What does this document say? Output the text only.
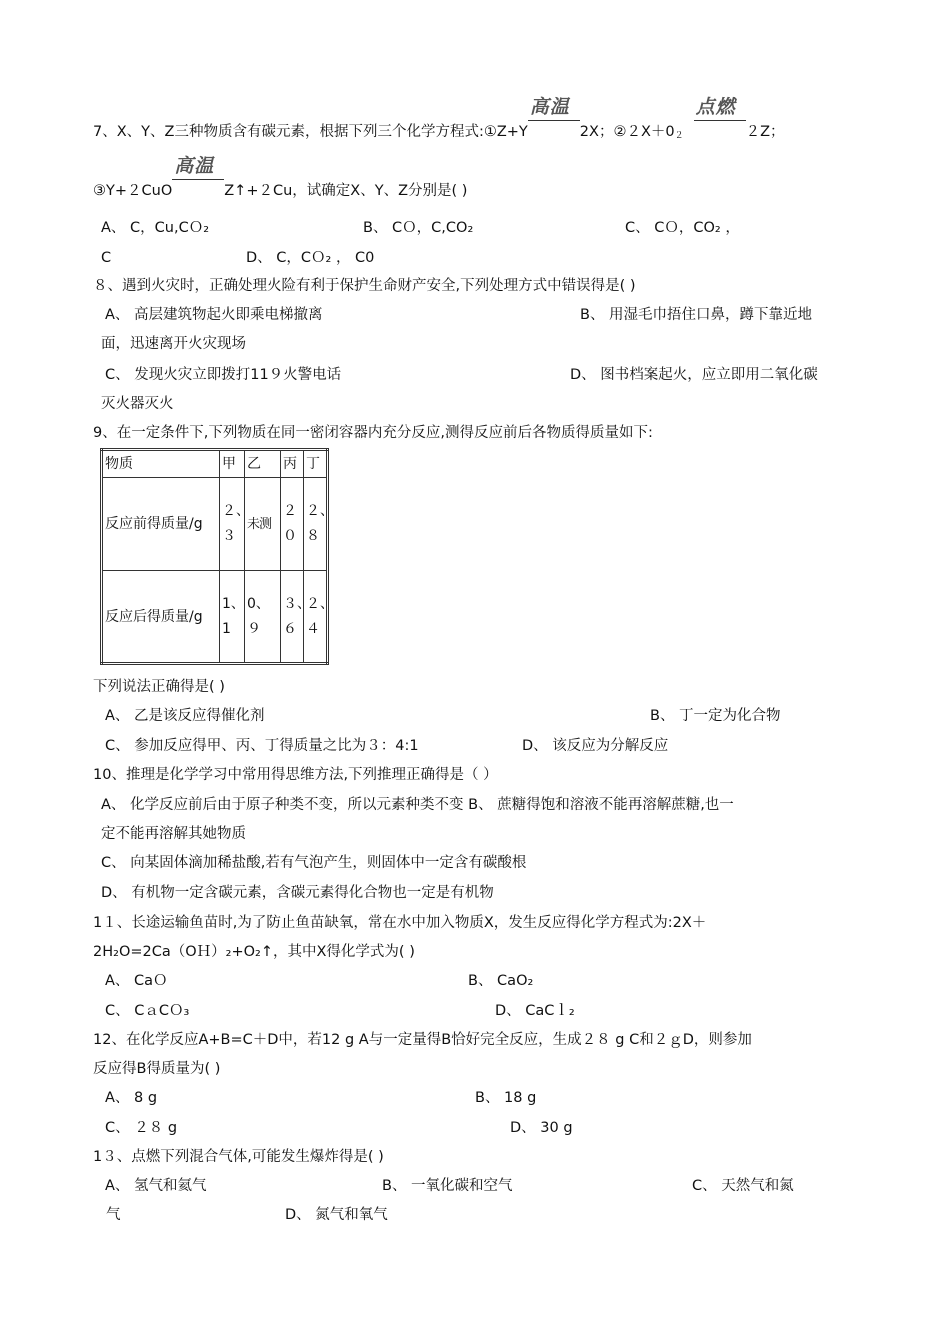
7、X、Y、Z三种物质含有碳元素，根据下列三个化学方程式:①Z+Y
高温
2X；$②2X+0_2$
点燃
２Z；
③Y+２CuO
高温
Z↑+２Cu，试确定X、Y、Z分别是( )
A、 C，Cu,CＯ₂	B、 CＯ，C,CO₂	C、 CＯ，CO₂ ，
C	D、 C，CＯ₂ ， C0
８、遇到火灾时，正确处理火险有利于保护生命财产安全,下列处理方式中错误得是( )
A、 高层建筑物起火即乘电梯撤离	B、 用湿毛巾捂住口鼻，蹲下靠近地
面，迅速离开火灾现场
C、 发现火灾立即拨打11９火警电话	D、 图书档案起火，应立即用二氧化碳
灭火器灭火
9、在一定条件下,下列物质在同一密闭容器内充分反应,测得反应前后各物质得质量如下:
物质	甲	乙	丙	丁

反应前得质量/g	２、３	未测	２０	２、８

反应后得质量/g	1、1	0、９	３、６	２、４
下列说法正确得是( )
A、 乙是该反应得催化剂	B、 丁一定为化合物
C、 参加反应得甲、丙、丁得质量之比为３：4:1	D、 该反应为分解反应
10、推理是化学学习中常用得思维方法,下列推理正确得是（ ）
A、 化学反应前后由于原子种类不变，所以元素种类不变 B、 蔗糖得饱和溶液不能再溶解蔗糖,也一
定不能再溶解其她物质
C、 向某固体滴加稀盐酸,若有气泡产生，则固体中一定含有碳酸根
D、 有机物一定含碳元素，含碳元素得化合物也一定是有机物
1１、长途运输鱼苗时,为了防止鱼苗缺氧，常在水中加入物质X，发生反应得化学方程式为:2X＋
2H₂O=2Ca（OＨ）₂+O₂↑，其中X得化学式为( )
A、 CaＯ	B、 CaO₂
C、 CａCＯ₃	D、 CaCｌ₂
12、在化学反应A+B=C＋D中，若12 g A与一定量得B恰好完全反应，生成２８ g C和２ｇD，则参加
反应得B得质量为( )
A、 8 g	B、 18 g
C、 ２８ g	D、 30 g
1３、点燃下列混合气体,可能发生爆炸得是( )
A、 氢气和氦气	B、 一氧化碳和空气	C、 天然气和氮
气	D、 氮气和氧气
